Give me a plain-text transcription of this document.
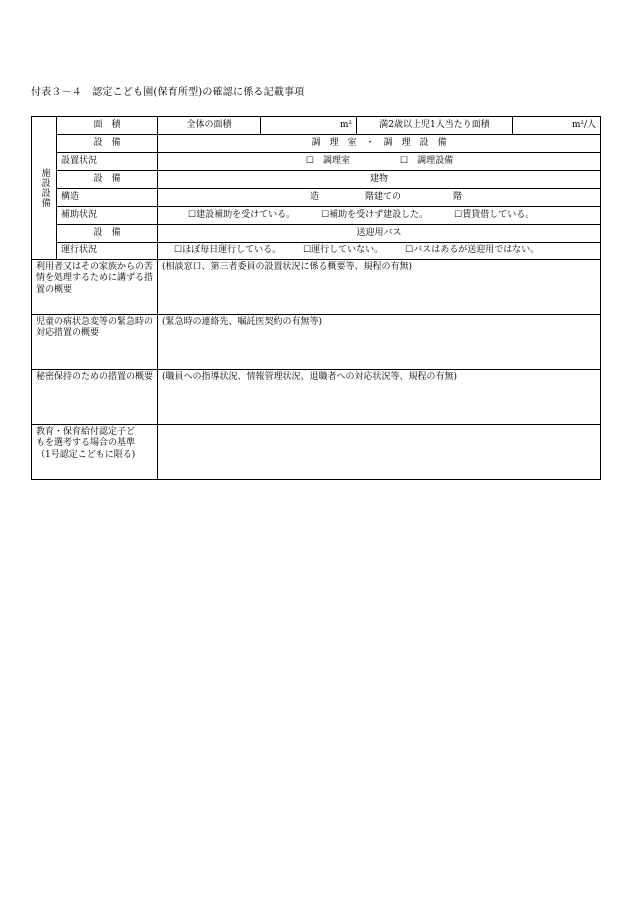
付表３－４　認定こども園(保育所型)の確認に係る記載事項
施設設備	面　積	全体の面積	m²	満2歳以上児1人当たり面積	m²/人
	設　備	調　理　室　・　調　理　設　備			
	設置状況	☐　調理室 ☐　調理設備			
	設　備	建物			
	構造	造 階建ての 階			
	補助状況	☐建設補助を受けている。 ☐補助を受けず建設した。 ☐賃貸借している。			
	設　備	送迎用バス			
	運行状況	☐ほぼ毎日運行している。 ☐運行していない。 ☐バスはあるが送迎用ではない。			
利用者又はその家族からの苦情を処理するために講ずる措置の概要		(相談窓口、第三者委員の設置状況に係る概要等、規程の有無)			
児童の病状急変等の緊急時の対応措置の概要		(緊急時の連絡先、嘱託医契約の有無等)			
秘密保持のための措置の概要		(職員への指導状況、情報管理状況、退職者への対応状況等、規程の有無)			
教育・保育給付認定子どもを選考する場合の基準（1号認定こどもに限る)					
